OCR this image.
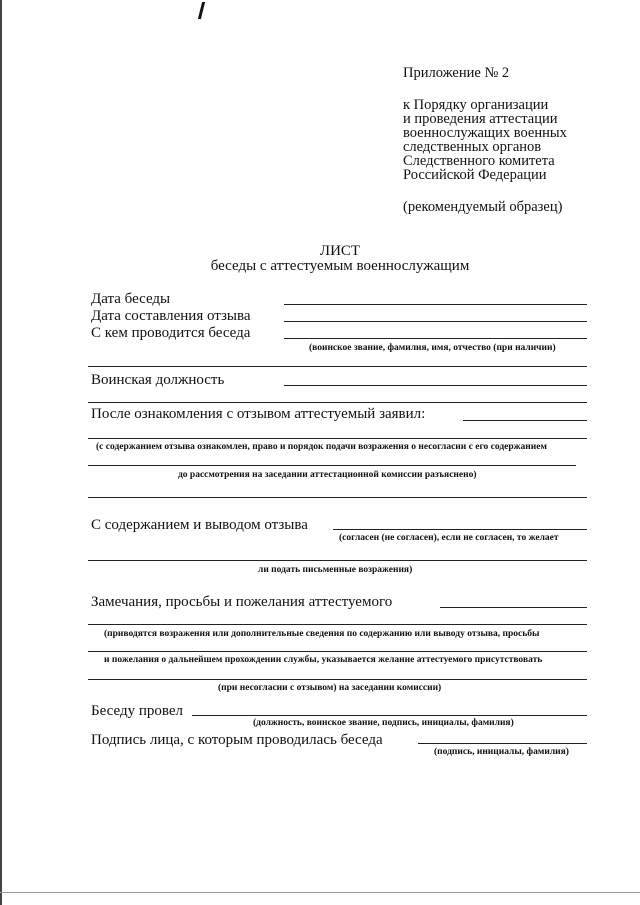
Приложение № 2
к Порядку организации
и проведения аттестации
военнослужащих военных
следственных органов
Следственного комитета
Российской Федерации
(рекомендуемый образец)
ЛИСТ
беседы с аттестуемым военнослужащим
Дата беседы
Дата составления отзыва
С кем проводится беседа
(воинское звание, фамилия, имя, отчество (при наличии)
Воинская должность
После ознакомления с отзывом аттестуемый заявил:
(с содержанием отзыва ознакомлен, право и порядок подачи возражения о несогласии с его содержанием
до рассмотрения на заседании аттестационной комиссии разъяснено)
С содержанием и выводом отзыва
(согласен (не согласен), если не согласен, то желает
ли подать письменные возражения)
Замечания, просьбы и пожелания аттестуемого
(приводятся возражения или дополнительные сведения по содержанию или выводу отзыва, просьбы
и пожелания о дальнейшем прохождении службы, указывается желание аттестуемого присутствовать
(при несогласии с отзывом) на заседании комиссии)
Беседу провел
(должность, воинское звание, подпись, инициалы, фамилия)
Подпись лица, с которым проводилась беседа
(подпись, инициалы, фамилия)
